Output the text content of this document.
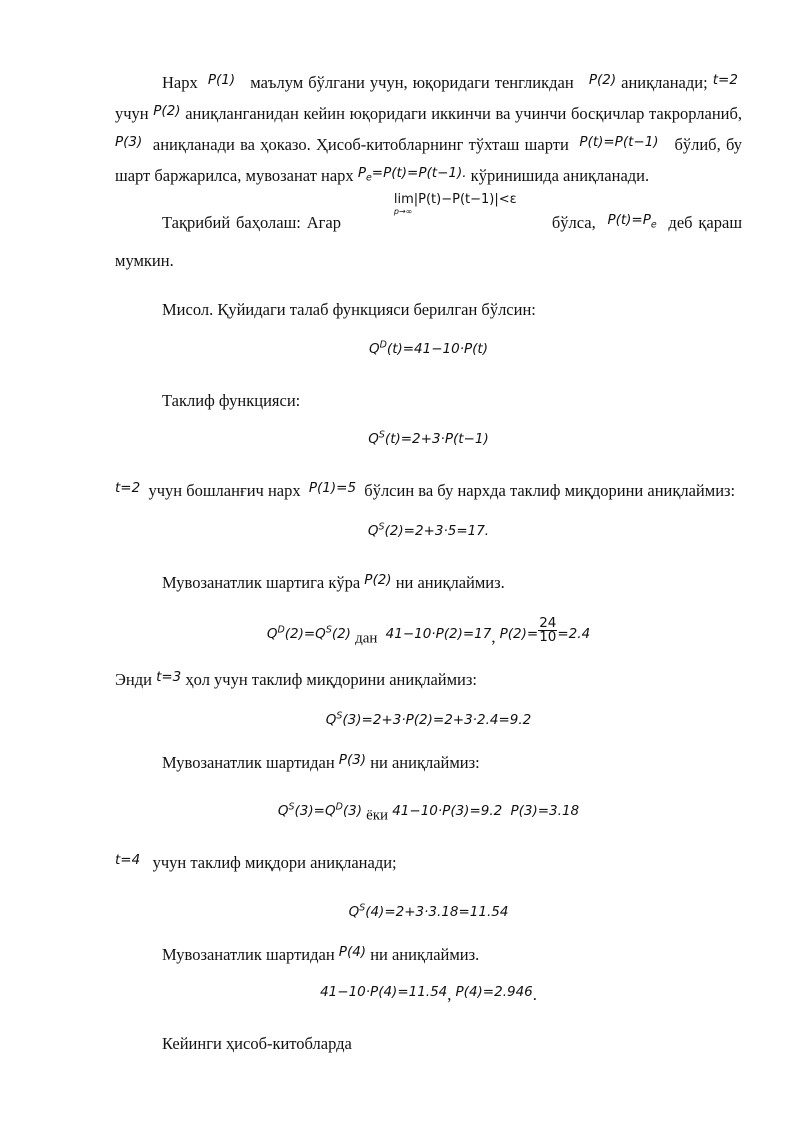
Нарх $^{P(1)}$ маълум бўлгани учун, юқоридаги тенгликдан $^{P(2)}$ аниқланади; $^{t=2}$  учун $^{P(2)}$ аниқланганидан кейин юқоридаги иккинчи ва учинчи босқичлар такрорланиб, $^{P(3)}$ аниқланади ва ҳоказо. Ҳисоб-китобларнинг тўхташ шарти $^{P(t)=P(t-1)}$ бўлиб, бу шарт баржарилса, мувозанат нарх $^{P_e=P(t)=P(t-1).}$ кўринишида аниқланади.

Тақрибий баҳолаш: Агар lim|P(t)−P(t−1)|<ε
p→∞
бўлса, $^{P(t)=P_e}$ деб қараш мумкин.

Мисол. Қуйидаги талаб функцияси берилган бўлсин:

$^{Q^D(t)=41-10\cdot P(t)}$

Таклиф функцияси:

$^{Q^S(t)=2+3\cdot P(t-1)}$

$^{t=2}$ учун бошланғич нарх $^{P(1)=5}$ бўлсин ва бу нархда таклиф миқдорини аниқлаймиз:

$^{Q^S(2)=2+3\cdot 5=17.}$

Мувозанатлик шартига кўра $^{P(2)}$ ни аниқлаймиз.

$^{Q^D(2)=Q^S(2)}$ дан $^{41-10\cdot P(2)=17}$, $^{P(2)=} \frac{24}{10} ^{=2.4}$

Энди $^{t=3}$ ҳол учун таклиф миқдорини аниқлаймиз:

$^{Q^S(3)=2+3\cdot P(2)=2+3\cdot 2.4=9.2}$

Мувозанатлик шартидан $^{P(3)}$ ни аниқлаймиз:

$^{Q^S(3)=Q^D(3)}$ ёки $^{41-10\cdot P(3)=9.2}$ $^{P(3)=3.18}$

$^{t=4}$ учун таклиф миқдори аниқланади;

$^{Q^S(4)=2+3\cdot 3.18=11.54}$

Мувозанатлик шартидан $^{P(4)}$ ни аниқлаймиз.

$^{41-10\cdot P(4)=11.54}$, $^{P(4)=2.946}$.

Кейинги ҳисоб-китобларда
